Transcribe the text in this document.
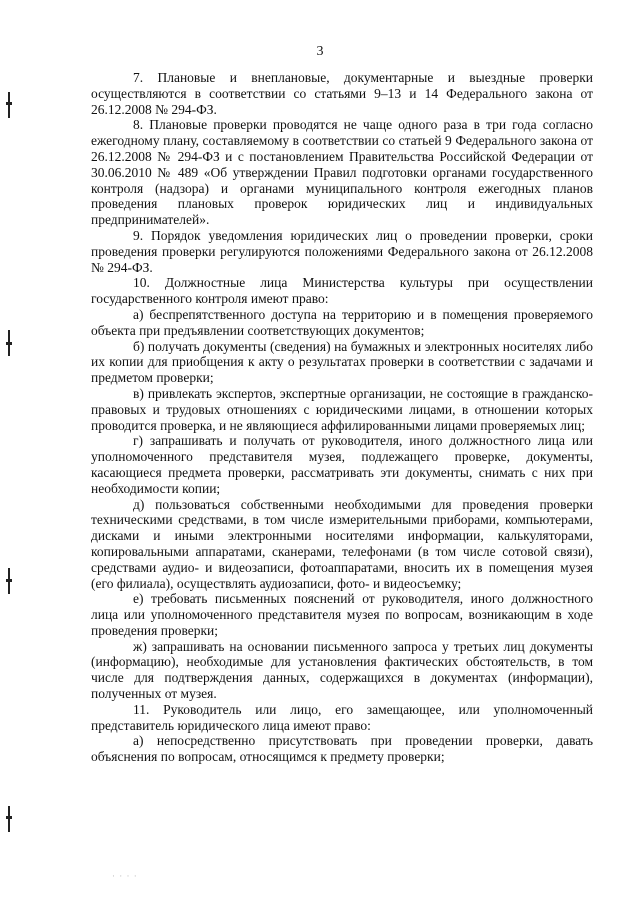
3

7. Плановые и внеплановые, документарные и выездные проверки осуществляются в соответствии со статьями 9–13 и 14 Федерального закона от 26.12.2008 № 294-ФЗ.

8. Плановые проверки проводятся не чаще одного раза в три года согласно ежегодному плану, составляемому в соответствии со статьей 9 Федерального закона от 26.12.2008 № 294-ФЗ и с постановлением Правительства Российской Федерации от 30.06.2010 № 489 «Об утверждении Правил подготовки органами государственного контроля (надзора) и органами муниципального контроля ежегодных планов проведения плановых проверок юридических лиц и индивидуальных предпринимателей».

9. Порядок уведомления юридических лиц о проведении проверки, сроки проведения проверки регулируются положениями Федерального закона от 26.12.2008 № 294-ФЗ.

10. Должностные лица Министерства культуры при осуществлении государственного контроля имеют право:

а) беспрепятственного доступа на территорию и в помещения проверяемого объекта при предъявлении соответствующих документов;

б) получать документы (сведения) на бумажных и электронных носителях либо их копии для приобщения к акту о результатах проверки в соответствии с задачами и предметом проверки;

в) привлекать экспертов, экспертные организации, не состоящие в гражданско-правовых и трудовых отношениях с юридическими лицами, в отношении которых проводится проверка, и не являющиеся аффилированными лицами проверяемых лиц;

г) запрашивать и получать от руководителя, иного должностного лица или уполномоченного представителя музея, подлежащего проверке, документы, касающиеся предмета проверки, рассматривать эти документы, снимать с них при необходимости копии;

д) пользоваться собственными необходимыми для проведения проверки техническими средствами, в том числе измерительными приборами, компьютерами, дисками и иными электронными носителями информации, калькуляторами, копировальными аппаратами, сканерами, телефонами (в том числе сотовой связи), средствами аудио- и видеозаписи, фотоаппаратами, вносить их в помещения музея (его филиала), осуществлять аудиозаписи, фото- и видеосъемку;

е) требовать письменных пояснений от руководителя, иного должностного лица или уполномоченного представителя музея по вопросам, возникающим в ходе проведения проверки;

ж) запрашивать на основании письменного запроса у третьих лиц документы (информацию), необходимые для установления фактических обстоятельств, в том числе для подтверждения данных, содержащихся в документах (информации), полученных от музея.

11. Руководитель или лицо, его замещающее, или уполномоченный представитель юридического лица имеют право:

а) непосредственно присутствовать при проведении проверки, давать объяснения по вопросам, относящимся к предмету проверки;

· · · ·
